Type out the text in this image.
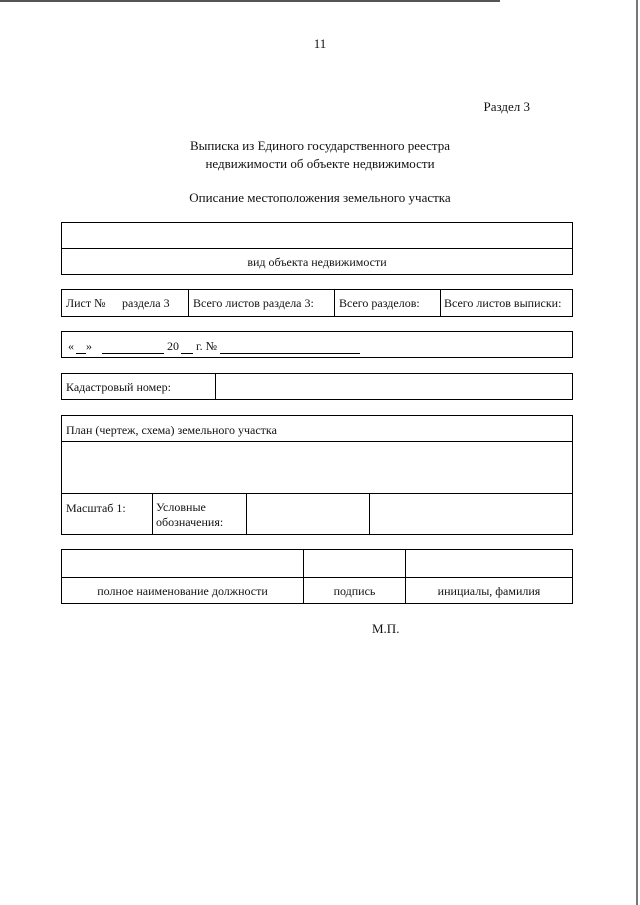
11
Раздел 3
Выписка из Единого государственного реестра
недвижимости об объекте недвижимости
Описание местоположения земельного участка
вид объекта недвижимости
Лист № раздела 3 Всего листов раздела 3: Всего разделов: Всего листов выписки:
« »	20 г. №
Кадастровый номер:
План (чертеж, схема) земельного участка
Масштаб 1:	Условные
обозначения:
полное наименование должности	подпись	инициалы, фамилия
М.П.
